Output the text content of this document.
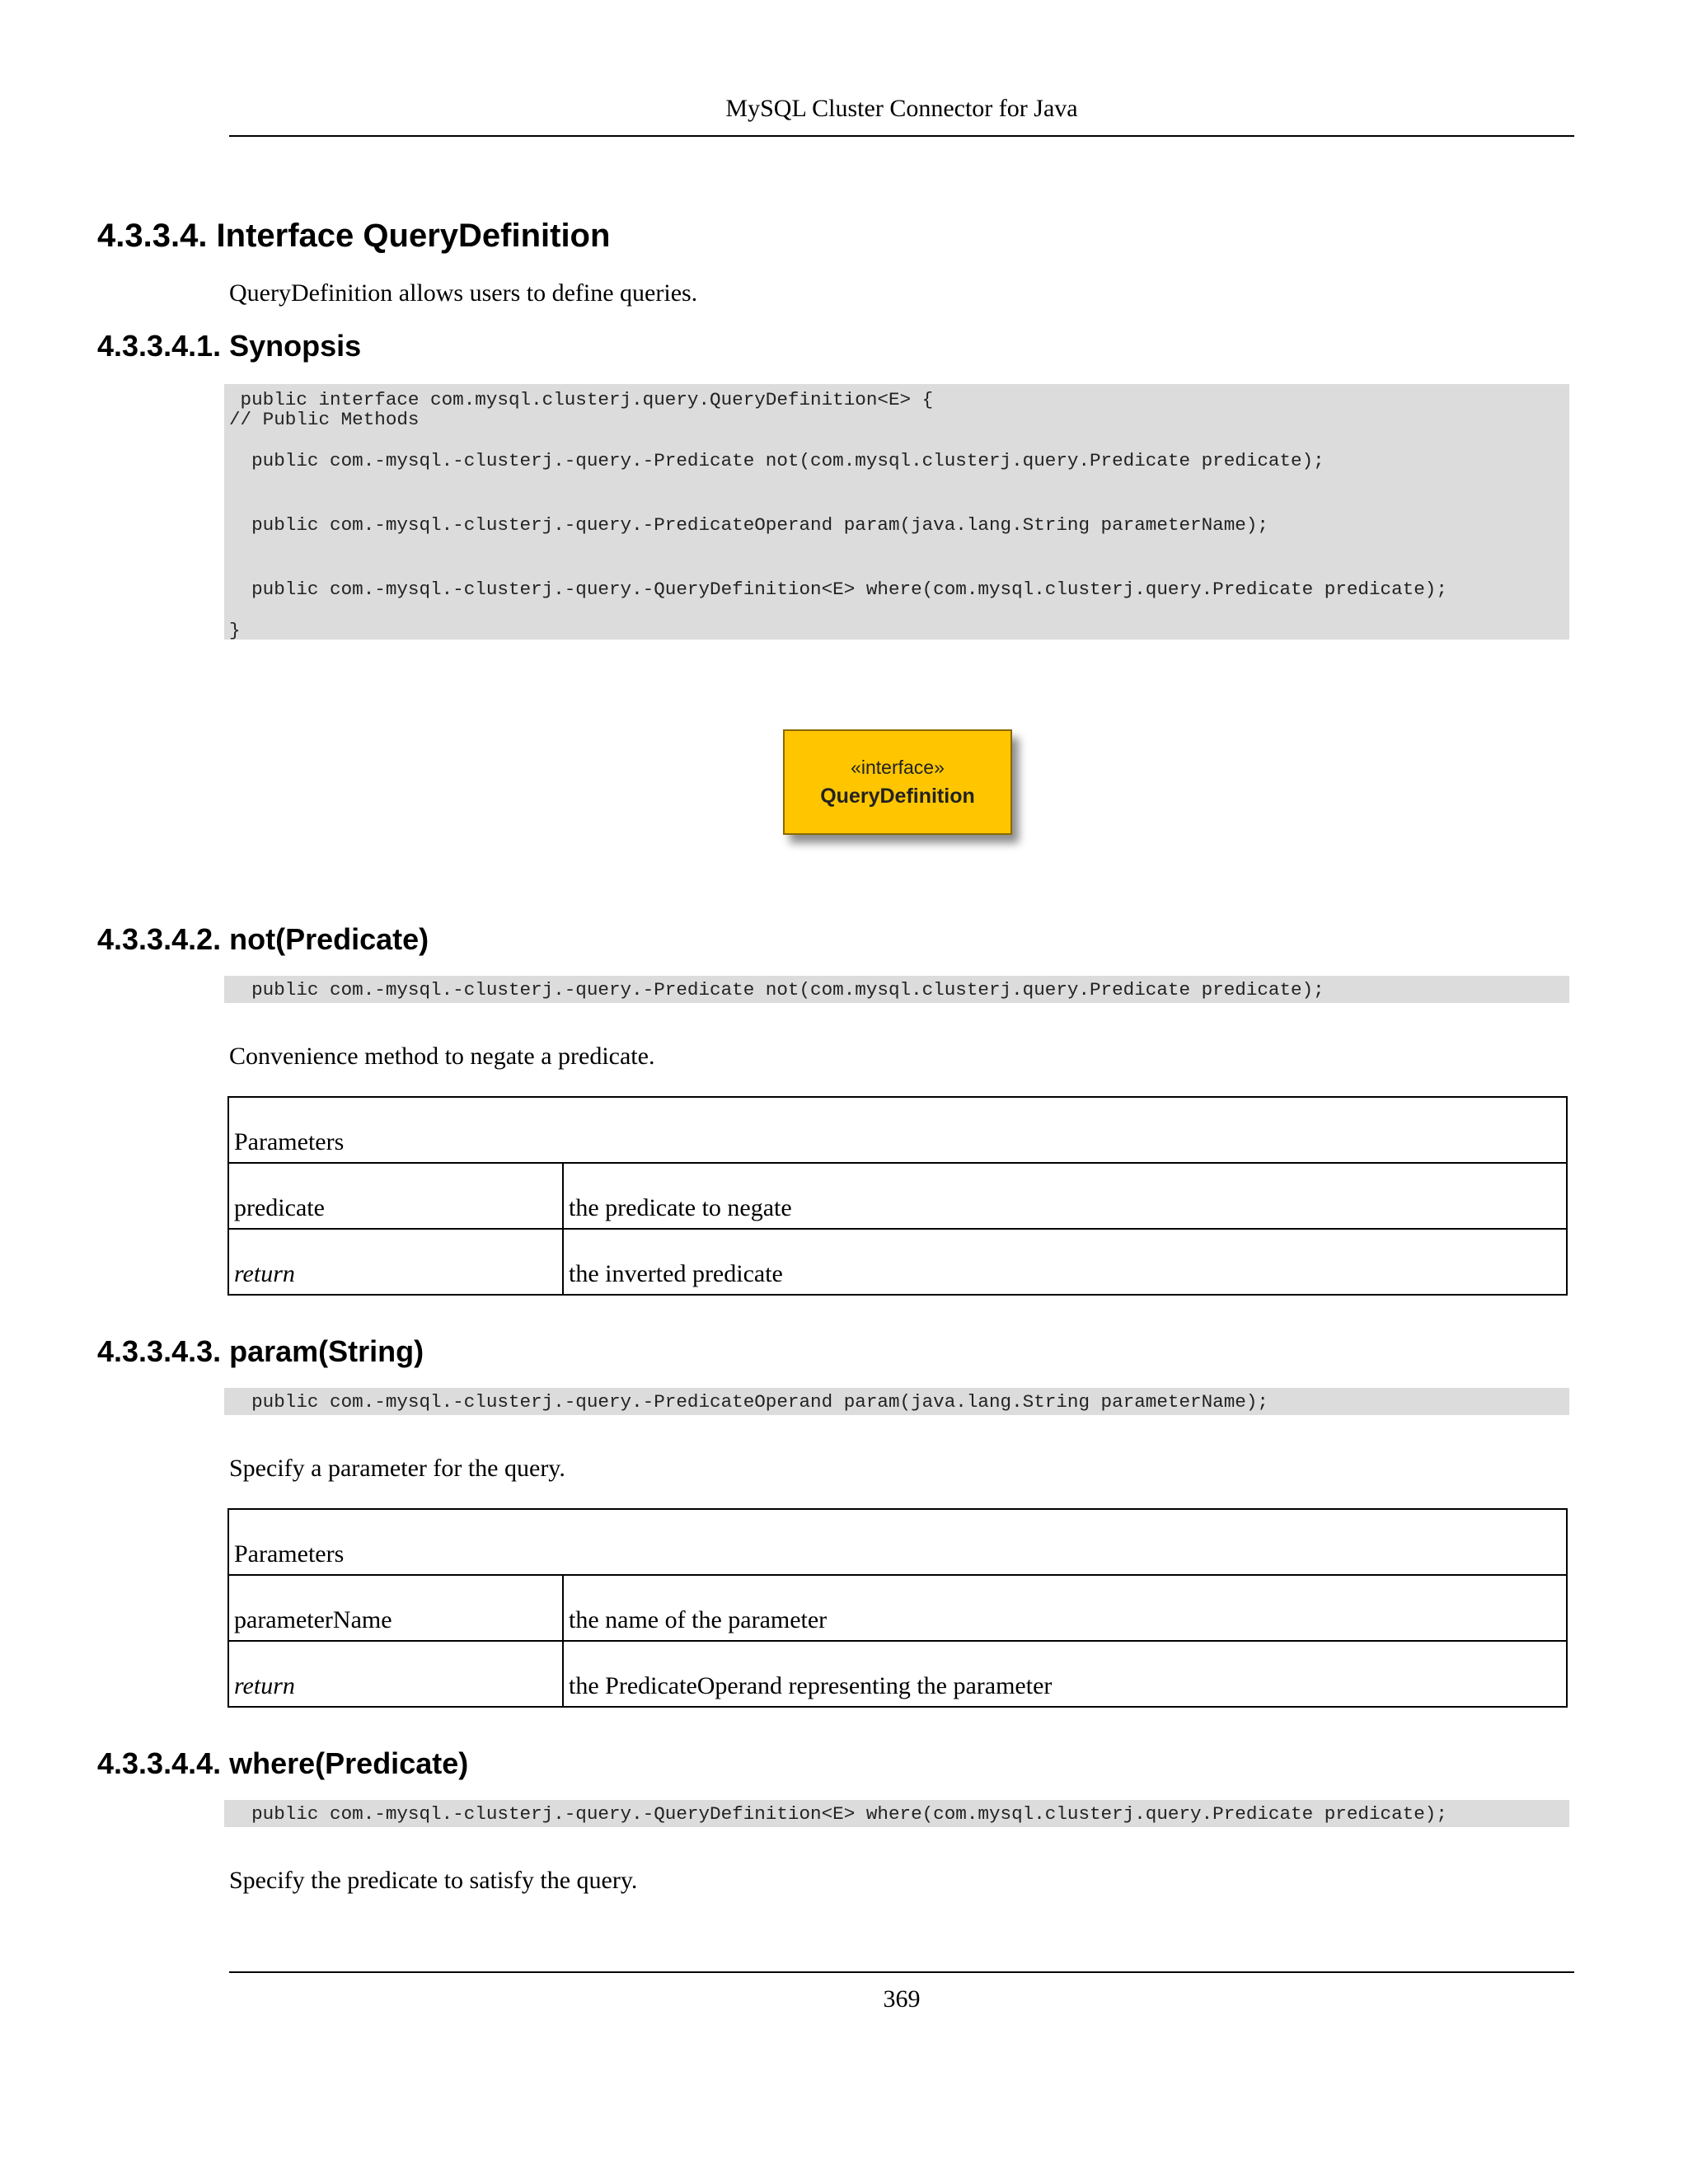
MySQL Cluster Connector for Java
4.3.3.4. Interface QueryDefinition
QueryDefinition allows users to define queries.
4.3.3.4.1. Synopsis

public interface com.mysql.clusterj.query.QueryDefinition<E> {

// Public Methods

public com.-mysql.-clusterj.-query.-Predicate not(com.mysql.clusterj.query.Predicate predicate);

public com.-mysql.-clusterj.-query.-PredicateOperand param(java.lang.String parameterName);

public com.-mysql.-clusterj.-query.-QueryDefinition<E> where(com.mysql.clusterj.query.Predicate predicate);

}

«interface»
QueryDefinition
4.3.3.4.2. not(Predicate)

public com.-mysql.-clusterj.-query.-Predicate not(com.mysql.clusterj.query.Predicate predicate);

Convenience method to negate a predicate.
Parameters	
predicate	the predicate to negate
return	the inverted predicate
4.3.3.4.3. param(String)

public com.-mysql.-clusterj.-query.-PredicateOperand param(java.lang.String parameterName);

Specify a parameter for the query.
Parameters	
parameterName	the name of the parameter
return	the PredicateOperand representing the parameter
4.3.3.4.4. where(Predicate)

public com.-mysql.-clusterj.-query.-QueryDefinition<E> where(com.mysql.clusterj.query.Predicate predicate);

Specify the predicate to satisfy the query.
369
